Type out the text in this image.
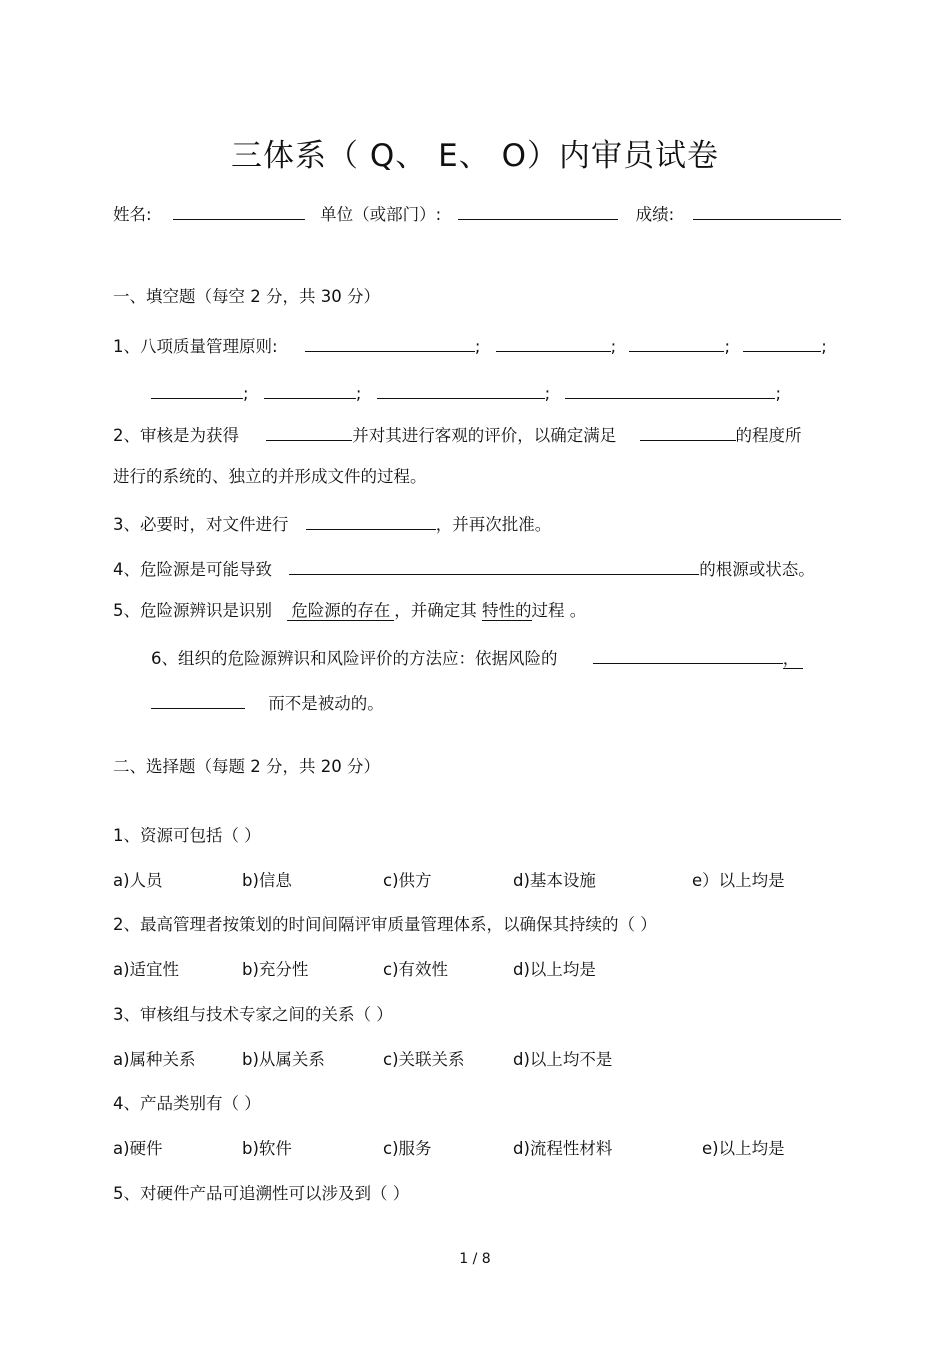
三体系（ Q、 E、 O）内审员试卷
姓名:	单位（或部门）:	成绩:
一、填空题（每空 2 分，共 30 分）
1、八项质量管理原则:	;	;	;	;
;	;	;	;
2、审核是为获得	并对其进行客观的评价，以确定满足	的程度所
进行的系统的、独立的并形成文件的过程。
3、必要时，对文件进行	，并再次批准。
4、危险源是可能导致	的根源或状态。
5、危险源辨识是识别 危险源的存在 ，并确定其 特性的过程 。
6、组织的危险源辨识和风险评价的方法应：依据风险的	，
而不是被动的。
二、选择题（每题 2 分，共 20 分）
1、资源可包括（ ）
a)人员	b)信息	c)供方	d)基本设施	e）以上均是
2、最高管理者按策划的时间间隔评审质量管理体系，以确保其持续的（ ）
a)适宜性	b)充分性	c)有效性	d)以上均是
3、审核组与技术专家之间的关系（ ）
a)属种关系	b)从属关系	c)关联关系	d)以上均不是
4、产品类别有（ ）
a)硬件	b)软件	c)服务	d)流程性材料	e)以上均是
5、对硬件产品可追溯性可以涉及到（ ）
1 / 8
